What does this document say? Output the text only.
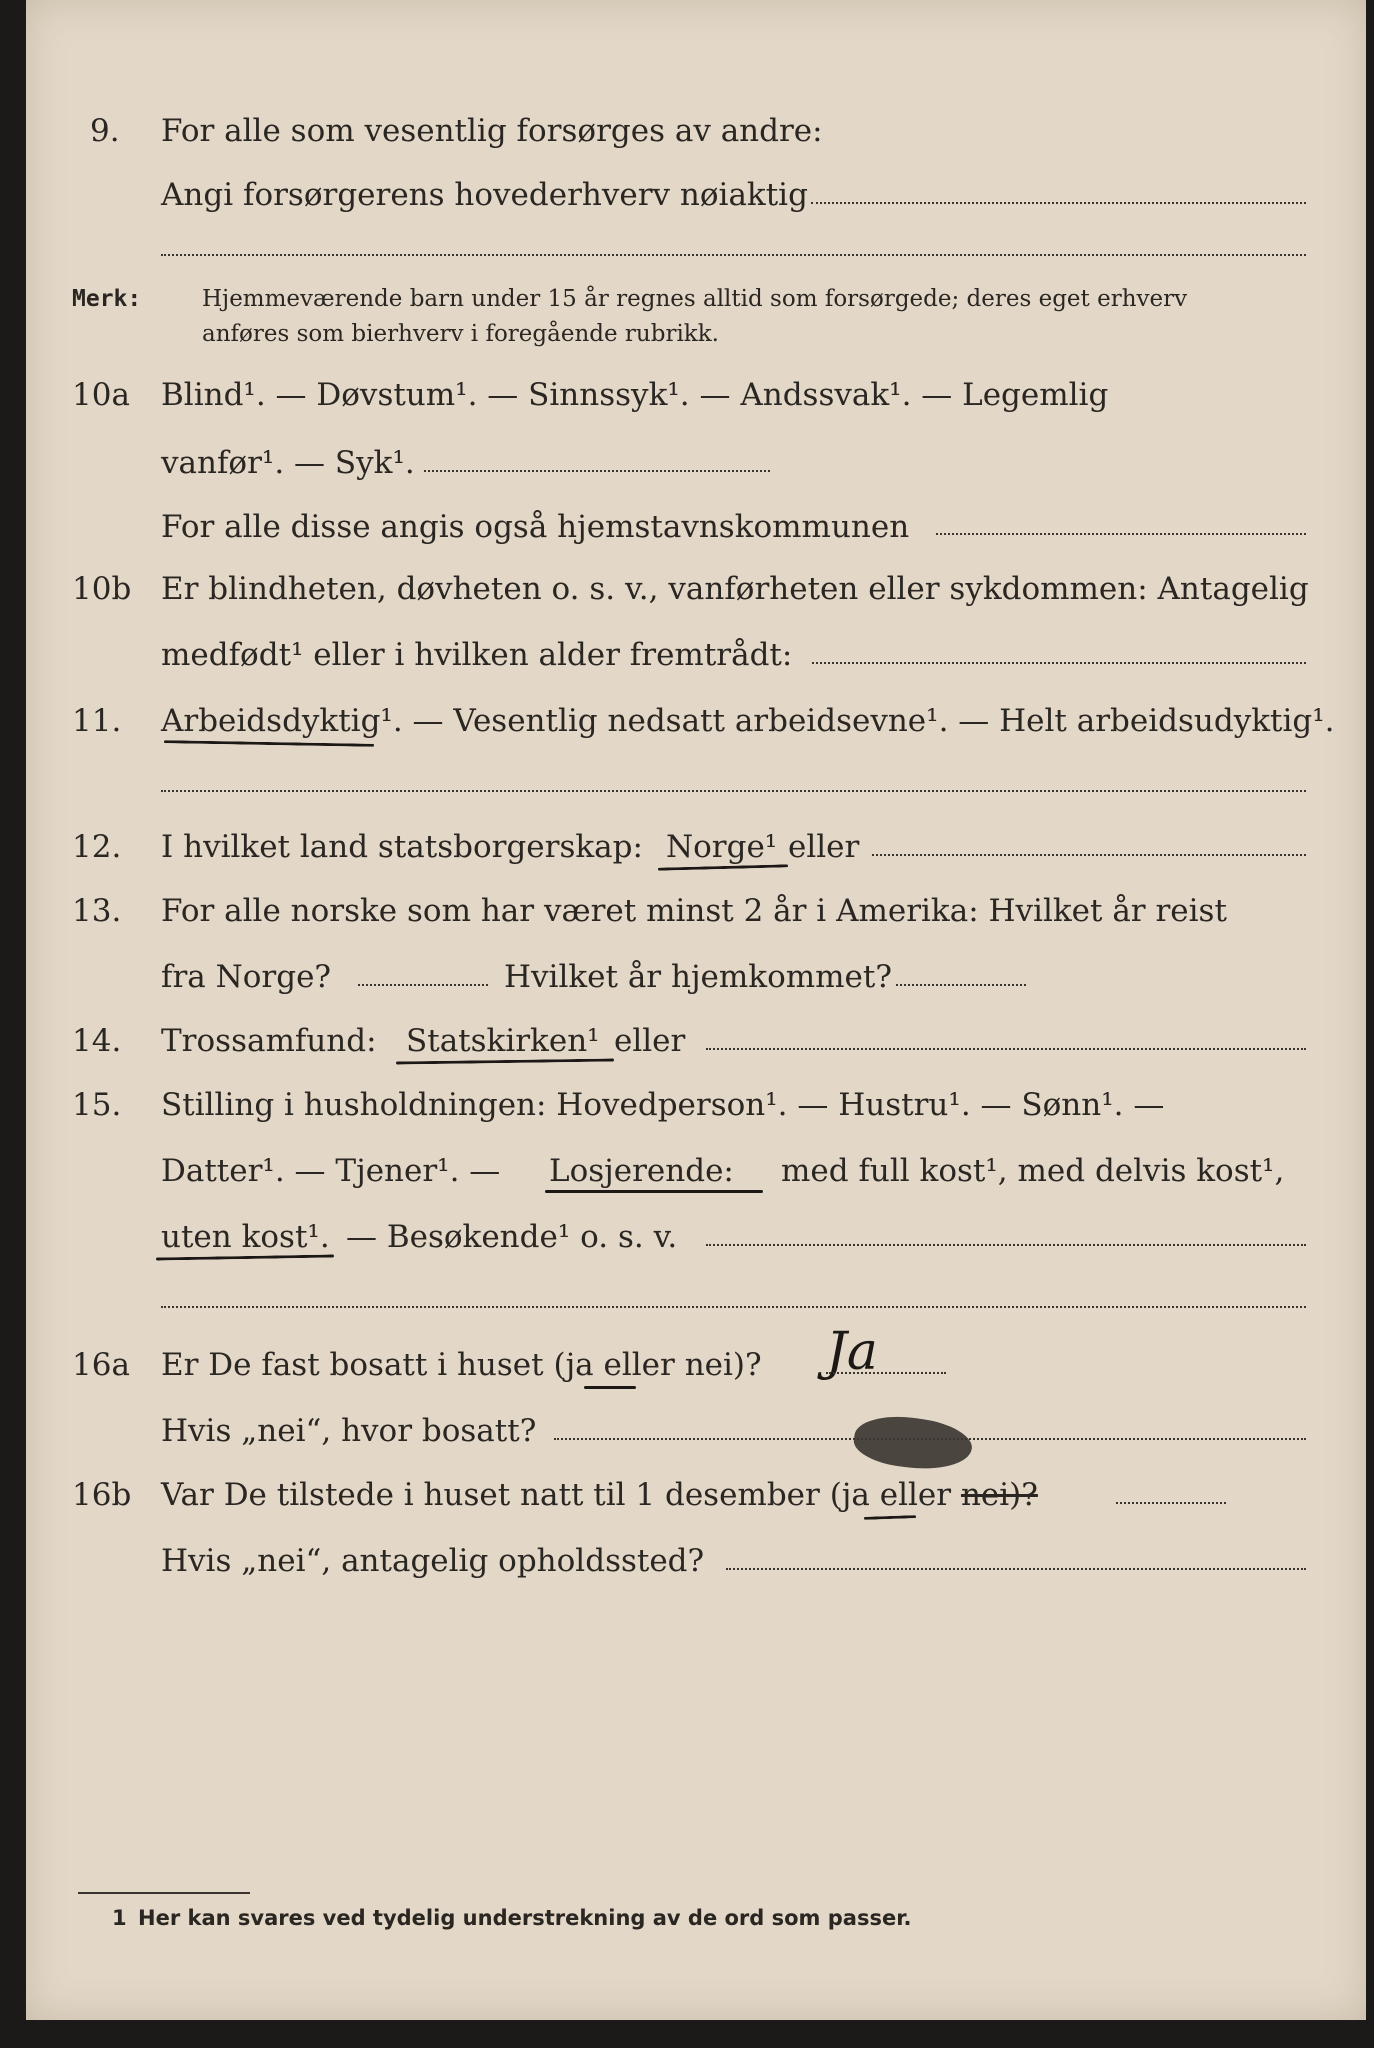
9. For alle som vesentlig forsørges av andre:
Angi forsørgerens hovederhverv nøiaktig
Merk:	Hjemmeværende barn under 15 år regnes alltid som forsørgede; deres eget erhverv
anføres som bierhverv i foregående rubrikk.
10a Blind¹. — Døvstum¹. — Sinnssyk¹. — Andssvak¹. — Legemlig
vanfør¹. — Syk¹.
For alle disse angis også hjemstavnskommunen
10b Er blindheten, døvheten o. s. v., vanførheten eller sykdommen: Antagelig
medfødt¹ eller i hvilken alder fremtrådt:
11. Arbeidsdyktig¹. — Vesentlig nedsatt arbeidsevne¹. — Helt arbeidsudyktig¹.
12. I hvilket land statsborgerskap: Norge¹ eller
13. For alle norske som har været minst 2 år i Amerika: Hvilket år reist
fra Norge?	Hvilket år hjemkommet?
14. Trossamfund: Statskirken¹ eller
15. Stilling i husholdningen: Hovedperson¹. — Hustru¹. — Sønn¹. —
Datter¹. — Tjener¹. — Losjerende: med full kost¹, med delvis kost¹,
uten kost¹. — Besøkende¹ o. s. v.
16a Er De fast bosatt i huset (ja eller nei)? Ja
Hvis „nei“, hvor bosatt?
16b Var De tilstede i huset natt til 1 desember (ja eller nei)?
Hvis „nei“, antagelig opholdssted?
1 Her kan svares ved tydelig understrekning av de ord som passer.
